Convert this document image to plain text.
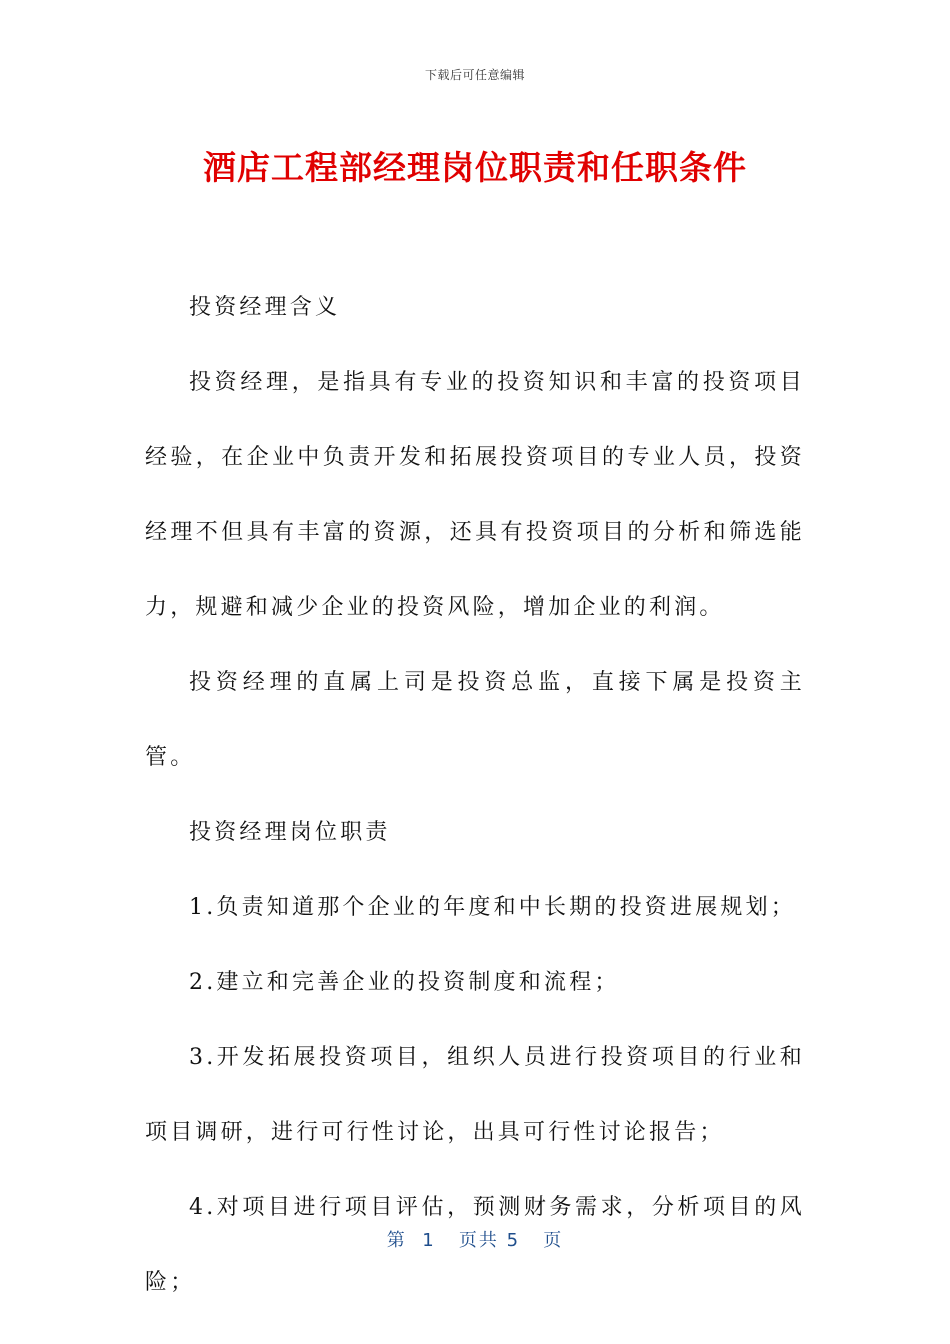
下载后可任意编辑
酒店工程部经理岗位职责和任职条件

投资经理含义

投资经理，是指具有专业的投资知识和丰富的投资项目经验，在企业中负责开发和拓展投资项目的专业人员，投资经理不但具有丰富的资源，还具有投资项目的分析和筛选能力，规避和减少企业的投资风险，增加企业的利润。

投资经理的直属上司是投资总监，直接下属是投资主管。

投资经理岗位职责

1.负责知道那个企业的年度和中长期的投资进展规划；

2.建立和完善企业的投资制度和流程；

3.开发拓展投资项目，组织人员进行投资项目的行业和项目调研，进行可行性讨论，出具可行性讨论报告；

4.对项目进行项目评估，预测财务需求，分析项目的风险；

第  1   页共 5   页
